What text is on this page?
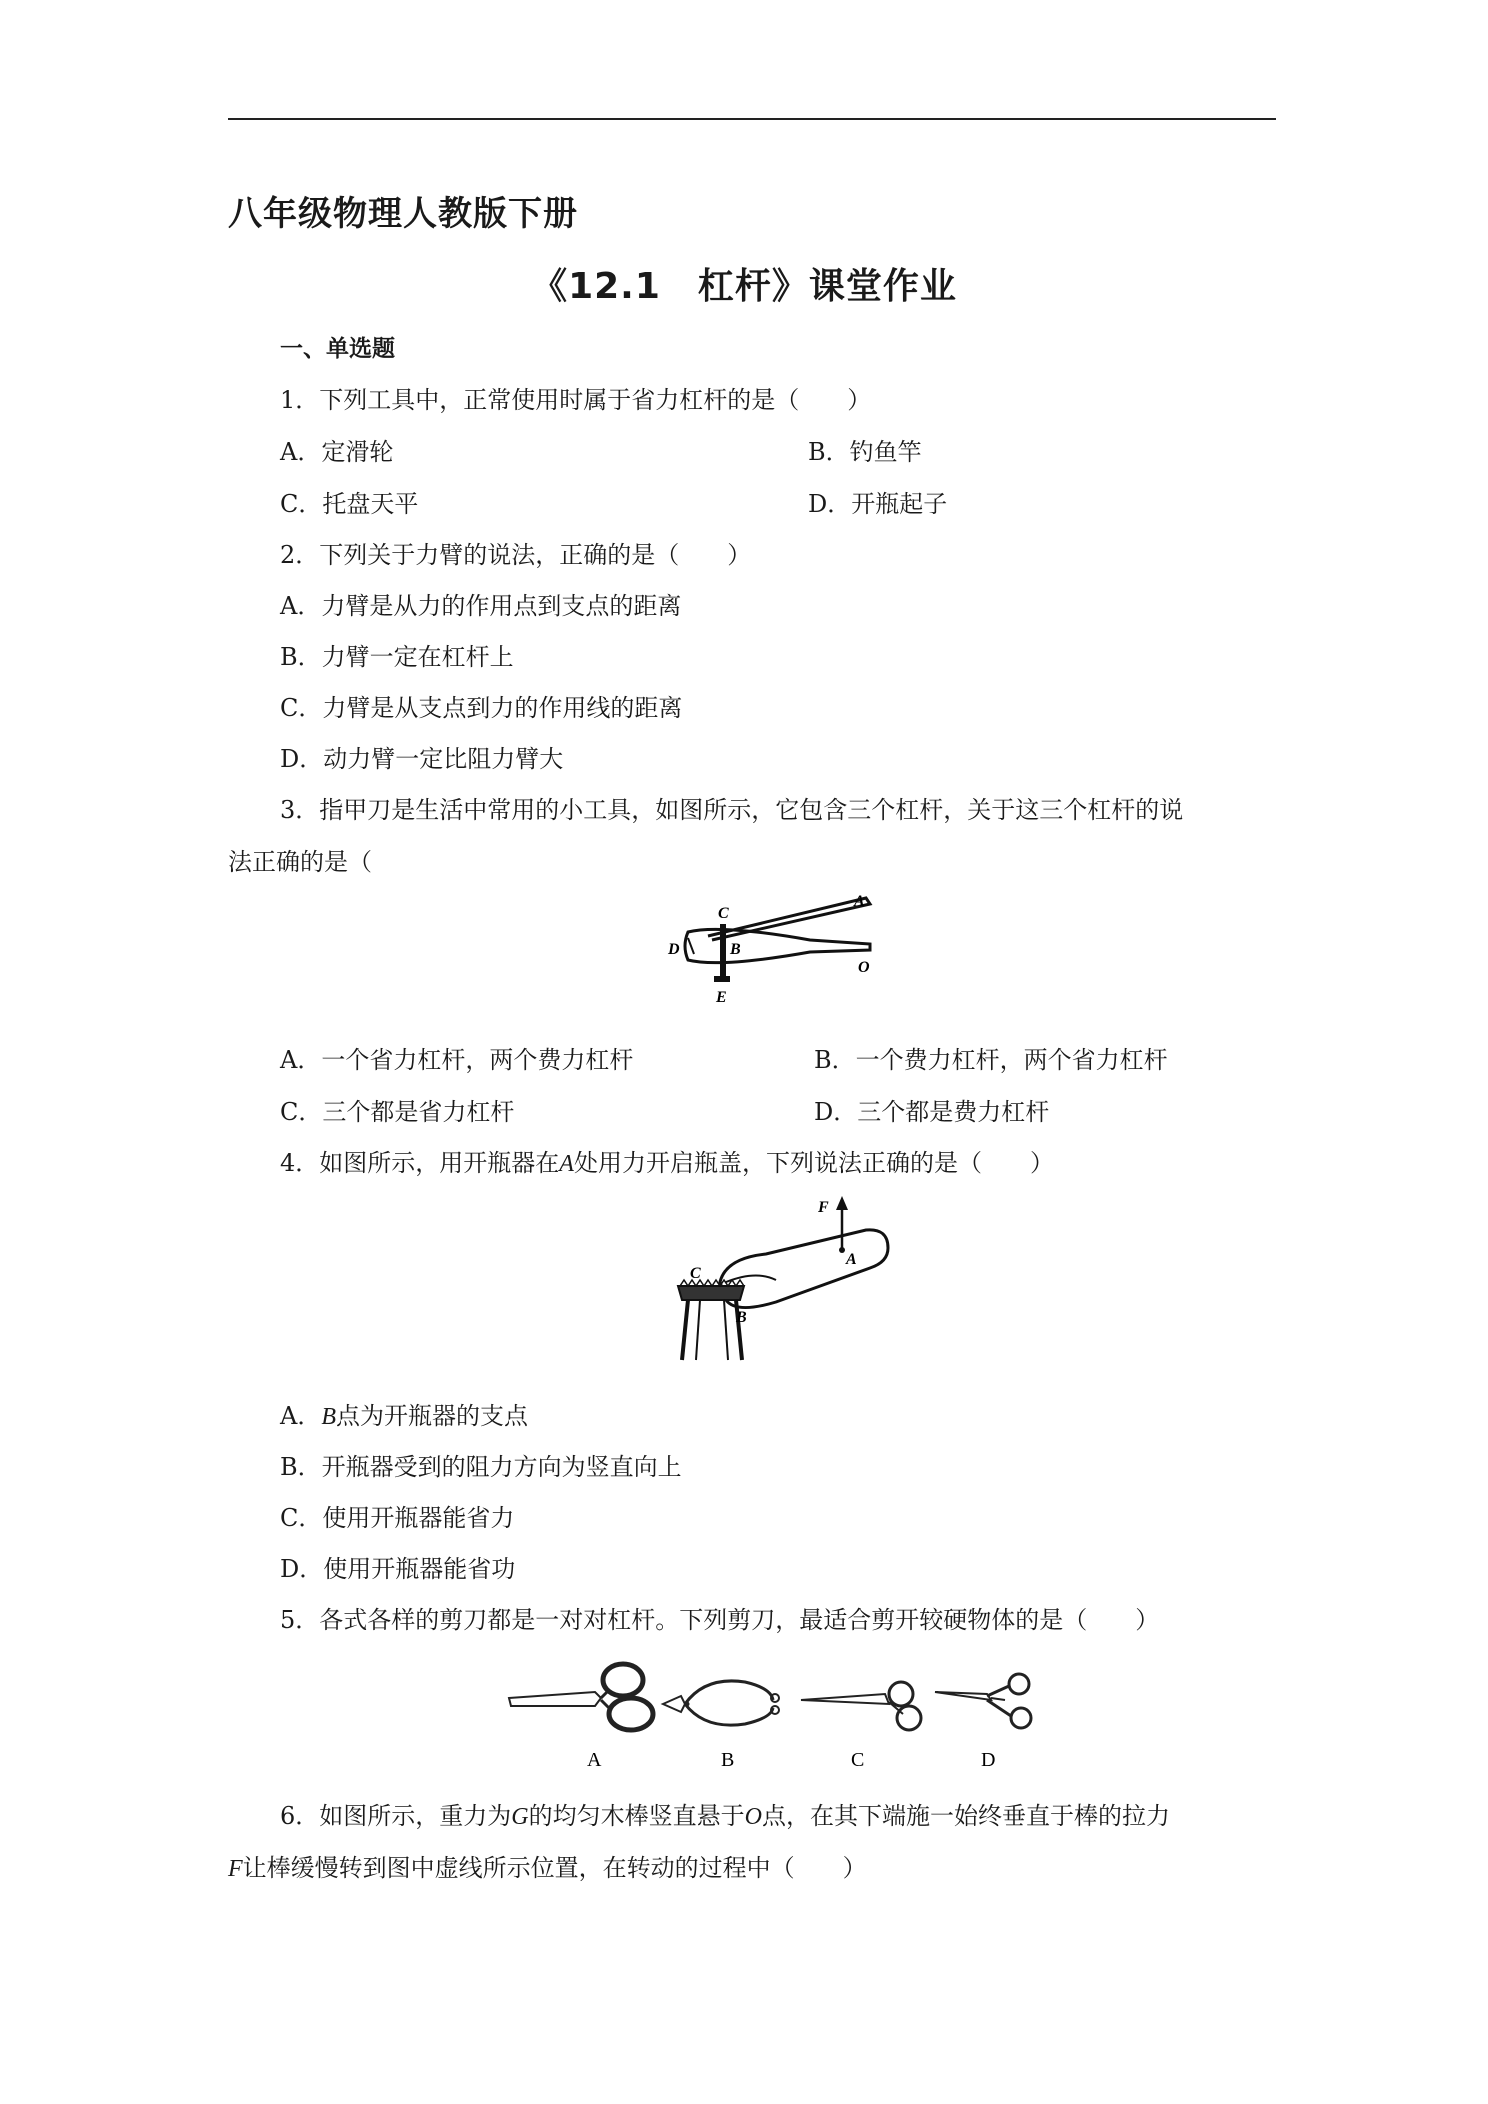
八年级物理人教版下册
《12.1　杠杆》课堂作业
一、单选题
1．下列工具中，正常使用时属于省力杠杆的是（　　）
A．定滑轮	B．钓鱼竿
C．托盘天平	D．开瓶起子
2．下列关于力臂的说法，正确的是（　　）
A．力臂是从力的作用点到支点的距离
B．力臂一定在杠杆上
C．力臂是从支点到力的作用线的距离
D．动力臂一定比阻力臂大
3．指甲刀是生活中常用的小工具，如图所示，它包含三个杠杆，关于这三个杠杆的说
法正确的是（
C
A
D	B
E
O
A．一个省力杠杆，两个费力杠杆	B．一个费力杠杆，两个省力杠杆
C．三个都是省力杠杆	D．三个都是费力杠杆
4．如图所示，用开瓶器在A处用力开启瓶盖，下列说法正确的是（　　）
F
A
C
B
A．B点为开瓶器的支点
B．开瓶器受到的阻力方向为竖直向上
C．使用开瓶器能省力
D．使用开瓶器能省功
5．各式各样的剪刀都是一对对杠杆。下列剪刀，最适合剪开较硬物体的是（　　）
A	B	C	D
6．如图所示，重力为G的均匀木棒竖直悬于O点，在其下端施一始终垂直于棒的拉力
F让棒缓慢转到图中虚线所示位置，在转动的过程中（　　）
